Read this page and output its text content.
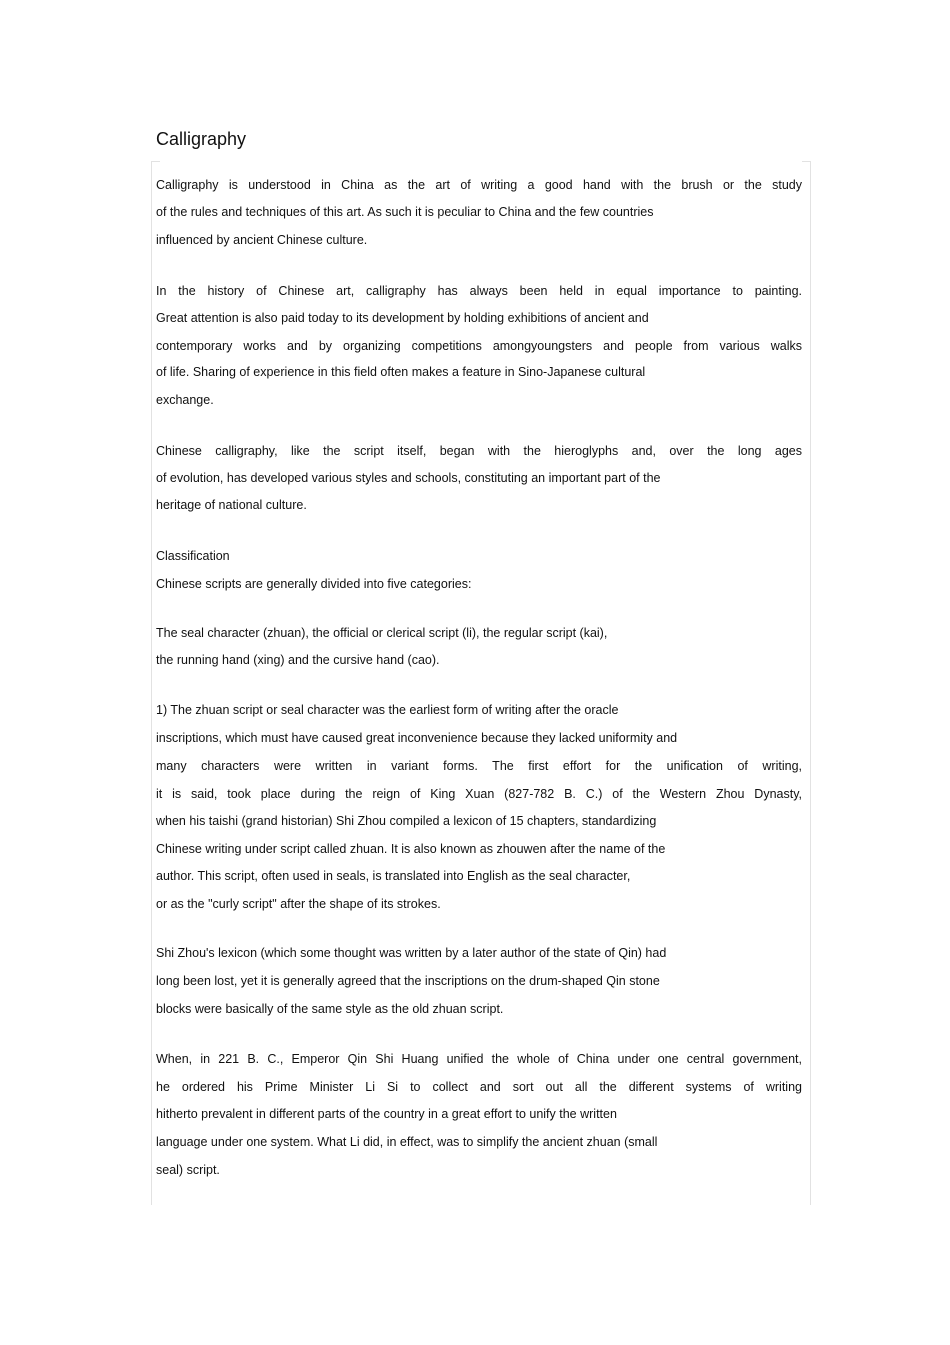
Calligraphy

Calligraphy is understood in China as the art of writing a good hand with the brush or the study

of the rules and techniques of this art. As such it is peculiar to China and the few countries

influenced by ancient Chinese culture.

In the history of Chinese art, calligraphy has always been held in equal importance to painting.

Great attention is also paid today to its development by holding exhibitions of ancient and

contemporary works and by organizing competitions amongyoungsters and people from various walks

of life. Sharing of experience in this field often makes a feature in Sino-Japanese cultural

exchange.

Chinese calligraphy, like the script itself, began with the hieroglyphs and, over the long ages

of evolution, has developed various styles and schools, constituting an important part of the

heritage of national culture.

Classification

Chinese scripts are generally divided into five categories:

The seal character (zhuan), the official or clerical script (li), the regular script (kai),

the running hand (xing) and the cursive hand (cao).

1) The zhuan script or seal character was the earliest form of writing after the oracle

inscriptions, which must have caused great inconvenience because they lacked uniformity and

many characters were written in variant forms. The first effort for the unification of writing,

it is said, took place during the reign of King Xuan (827-782 B. C.) of the Western Zhou Dynasty,

when his taishi (grand historian) Shi Zhou compiled a lexicon of 15 chapters, standardizing

Chinese writing under script called zhuan. It is also known as zhouwen after the name of the

author. This script, often used in seals, is translated into English as the seal character,

or as the "curly script" after the shape of its strokes.

Shi Zhou's lexicon (which some thought was written by a later author of the state of Qin) had

long been lost, yet it is generally agreed that the inscriptions on the drum-shaped Qin stone

blocks were basically of the same style as the old zhuan script.

When, in 221 B. C., Emperor Qin Shi Huang unified the whole of China under one central government,

he ordered his Prime Minister Li Si to collect and sort out all the different systems of writing

hitherto prevalent in different parts of the country in a great effort to unify the written

language under one system. What Li did, in effect, was to simplify the ancient zhuan (small

seal) script.
